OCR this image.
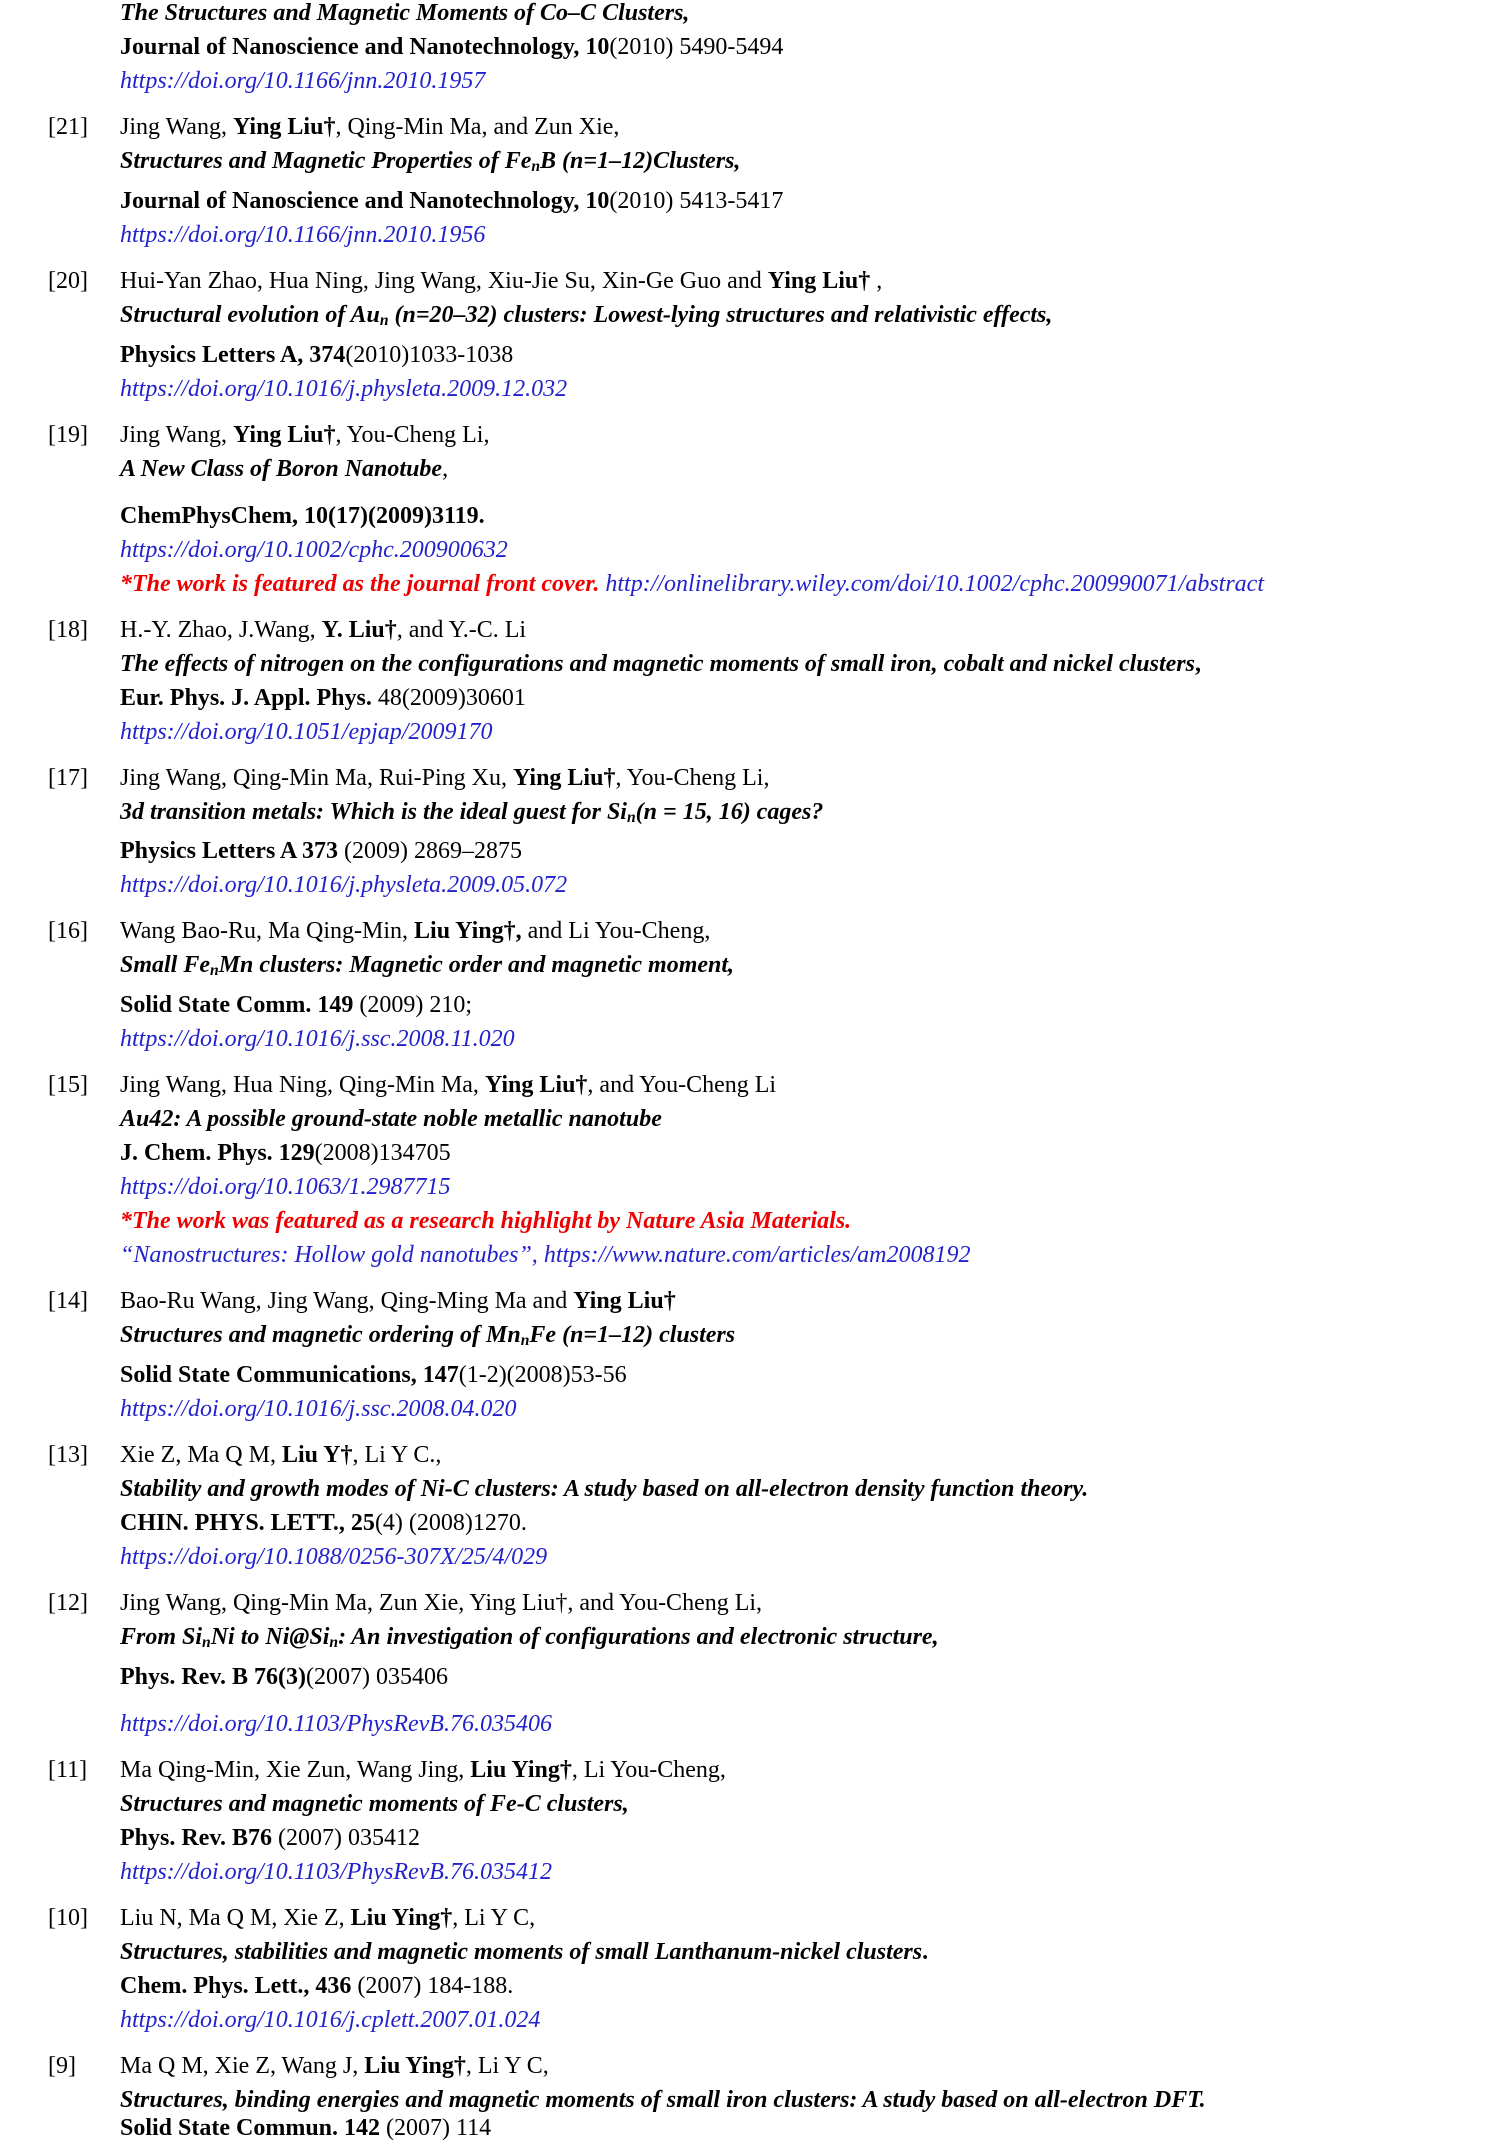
The Structures and Magnetic Moments of Co–C Clusters,
Journal of Nanoscience and Nanotechnology, 10(2010) 5490-5494
https://doi.org/10.1166/jnn.2010.1957
[21]	Jing Wang, Ying Liu†, Qing-Min Ma, and Zun Xie,
Structures and Magnetic Properties of FenB (n=1–12)Clusters,
Journal of Nanoscience and Nanotechnology, 10(2010) 5413-5417
https://doi.org/10.1166/jnn.2010.1956
[20]	Hui-Yan Zhao, Hua Ning, Jing Wang, Xiu-Jie Su, Xin-Ge Guo and Ying Liu† ,
Structural evolution of Aun (n=20–32) clusters: Lowest-lying structures and relativistic effects,
Physics Letters A, 374(2010)1033-1038
https://doi.org/10.1016/j.physleta.2009.12.032
[19]	Jing Wang, Ying Liu†, You-Cheng Li,
A New Class of Boron Nanotube,
ChemPhysChem, 10(17)(2009)3119.
https://doi.org/10.1002/cphc.200900632
*The work is featured as the journal front cover. http://onlinelibrary.wiley.com/doi/10.1002/cphc.200990071/abstract
[18]	H.-Y. Zhao, J.Wang, Y. Liu†, and Y.-C. Li
The effects of nitrogen on the configurations and magnetic moments of small iron, cobalt and nickel clusters,
Eur. Phys. J. Appl. Phys. 48(2009)30601
https://doi.org/10.1051/epjap/2009170
[17]	Jing Wang, Qing-Min Ma, Rui-Ping Xu, Ying Liu†, You-Cheng Li,
3d transition metals: Which is the ideal guest for Sin(n = 15, 16) cages?
Physics Letters A 373 (2009) 2869–2875
https://doi.org/10.1016/j.physleta.2009.05.072
[16]	Wang Bao-Ru, Ma Qing-Min, Liu Ying†, and Li You-Cheng,
Small FenMn clusters: Magnetic order and magnetic moment,
Solid State Comm. 149 (2009) 210;
https://doi.org/10.1016/j.ssc.2008.11.020
[15]	Jing Wang, Hua Ning, Qing-Min Ma, Ying Liu†, and You-Cheng Li
Au42: A possible ground-state noble metallic nanotube
J. Chem. Phys. 129(2008)134705
https://doi.org/10.1063/1.2987715
*The work was featured as a research highlight by Nature Asia Materials.
“Nanostructures: Hollow gold nanotubes”, https://www.nature.com/articles/am2008192
[14]	Bao-Ru Wang, Jing Wang, Qing-Ming Ma and Ying Liu†
Structures and magnetic ordering of MnnFe (n=1–12) clusters
Solid State Communications, 147(1-2)(2008)53-56
https://doi.org/10.1016/j.ssc.2008.04.020
[13]	Xie Z, Ma Q M, Liu Y†, Li Y C.,
Stability and growth modes of Ni-C clusters: A study based on all-electron density function theory.
CHIN. PHYS. LETT., 25(4) (2008)1270.
https://doi.org/10.1088/0256-307X/25/4/029
[12]	Jing Wang, Qing-Min Ma, Zun Xie, Ying Liu†, and You-Cheng Li,
From SinNi to Ni@Sin: An investigation of configurations and electronic structure,
Phys. Rev. B 76(3)(2007) 035406
https://doi.org/10.1103/PhysRevB.76.035406
[11]	Ma Qing-Min, Xie Zun, Wang Jing, Liu Ying†, Li You-Cheng,
Structures and magnetic moments of Fe-C clusters,
Phys. Rev. B76 (2007) 035412
https://doi.org/10.1103/PhysRevB.76.035412
[10]	Liu N, Ma Q M, Xie Z, Liu Ying†, Li Y C,
Structures, stabilities and magnetic moments of small Lanthanum-nickel clusters.
Chem. Phys. Lett., 436 (2007) 184-188.
https://doi.org/10.1016/j.cplett.2007.01.024
[9]	Ma Q M, Xie Z, Wang J, Liu Ying†, Li Y C,
Structures, binding energies and magnetic moments of small iron clusters: A study based on all-electron DFT.
Solid State Commun. 142 (2007) 114
